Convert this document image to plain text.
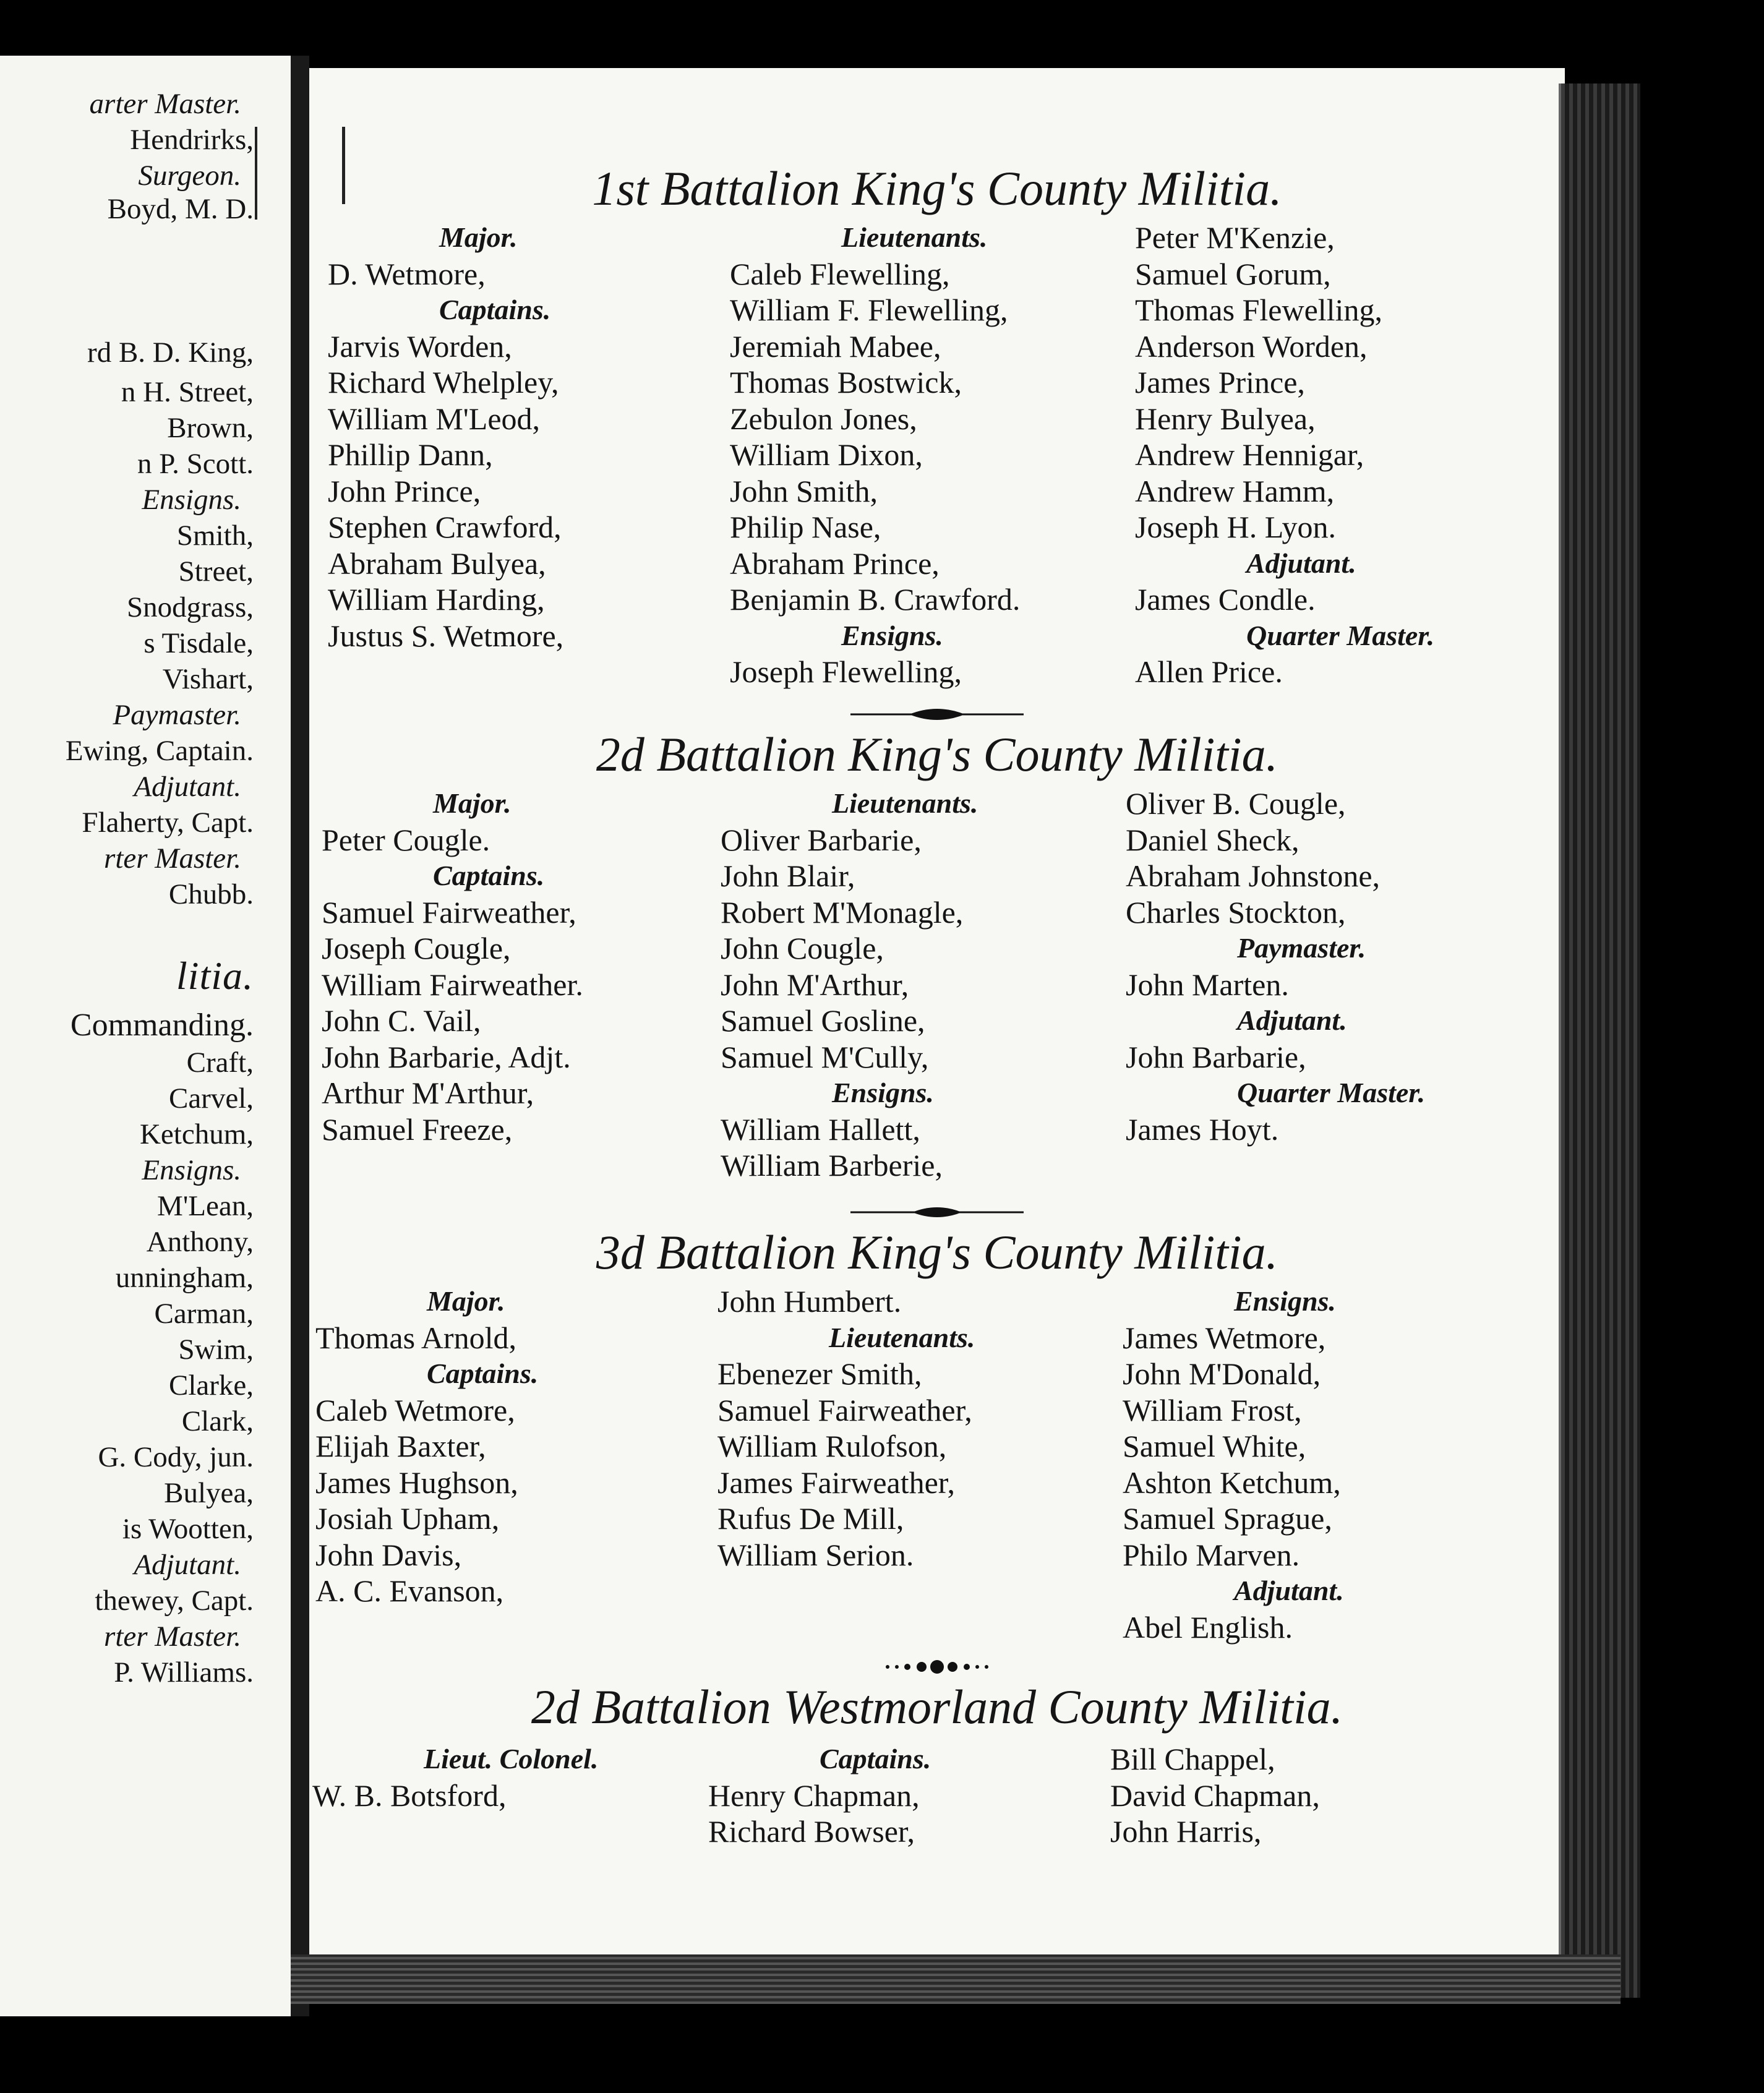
arter Master.
Hendrirks,
Surgeon.
Boyd, M. D.
rd B. D. King,
n H. Street,
Brown,
n P. Scott.
Ensigns.
Smith,
Street,
Snodgrass,
s Tisdale,
Vishart,
Paymaster.
Ewing, Captain.
Adjutant.
Flaherty, Capt.
rter Master.
Chubb.
litia.
Commanding.
Craft,
Carvel,
Ketchum,
Ensigns.
M'Lean,
Anthony,
unningham,
Carman,
Swim,
Clarke,
Clark,
G. Cody, jun.
Bulyea,
is Wootten,
Adjutant.
thewey, Capt.
rter Master.
P. Williams.
1st Battalion King's County Militia.
Major.
D. Wetmore,
Captains.
Jarvis Worden,
Richard Whelpley,
William M'Leod,
Phillip Dann,
John Prince,
Stephen Crawford,
Abraham Bulyea,
William Harding,
Justus S. Wetmore,
Lieutenants.
Caleb Flewelling,
William F. Flewelling,
Jeremiah Mabee,
Thomas Bostwick,
Zebulon Jones,
William Dixon,
John Smith,
Philip Nase,
Abraham Prince,
Benjamin B. Crawford.
Ensigns.
Joseph Flewelling,
Peter M'Kenzie,
Samuel Gorum,
Thomas Flewelling,
Anderson Worden,
James Prince,
Henry Bulyea,
Andrew Hennigar,
Andrew Hamm,
Joseph H. Lyon.
Adjutant.
James Condle.
Quarter Master.
Allen Price.
2d Battalion King's County Militia.
Major.
Peter Cougle.
Captains.
Samuel Fairweather,
Joseph Cougle,
William Fairweather.
John C. Vail,
John Barbarie, Adjt.
Arthur M'Arthur,
Samuel Freeze,
Lieutenants.
Oliver Barbarie,
John Blair,
Robert M'Monagle,
John Cougle,
John M'Arthur,
Samuel Gosline,
Samuel M'Cully,
Ensigns.
William Hallett,
William Barberie,
Oliver B. Cougle,
Daniel Sheck,
Abraham Johnstone,
Charles Stockton,
Paymaster.
John Marten.
Adjutant.
John Barbarie,
Quarter Master.
James Hoyt.
3d Battalion King's County Militia.
Major.
Thomas Arnold,
Captains.
Caleb Wetmore,
Elijah Baxter,
James Hughson,
Josiah Upham,
John Davis,
A. C. Evanson,
John Humbert.
Lieutenants.
Ebenezer Smith,
Samuel Fairweather,
William Rulofson,
James Fairweather,
Rufus De Mill,
William Serion.
Ensigns.
James Wetmore,
John M'Donald,
William Frost,
Samuel White,
Ashton Ketchum,
Samuel Sprague,
Philo Marven.
Adjutant.
Abel English.
2d Battalion Westmorland County Militia.
Lieut. Colonel.
W. B. Botsford,
Captains.
Henry Chapman,
Richard Bowser,
Bill Chappel,
David Chapman,
John Harris,
